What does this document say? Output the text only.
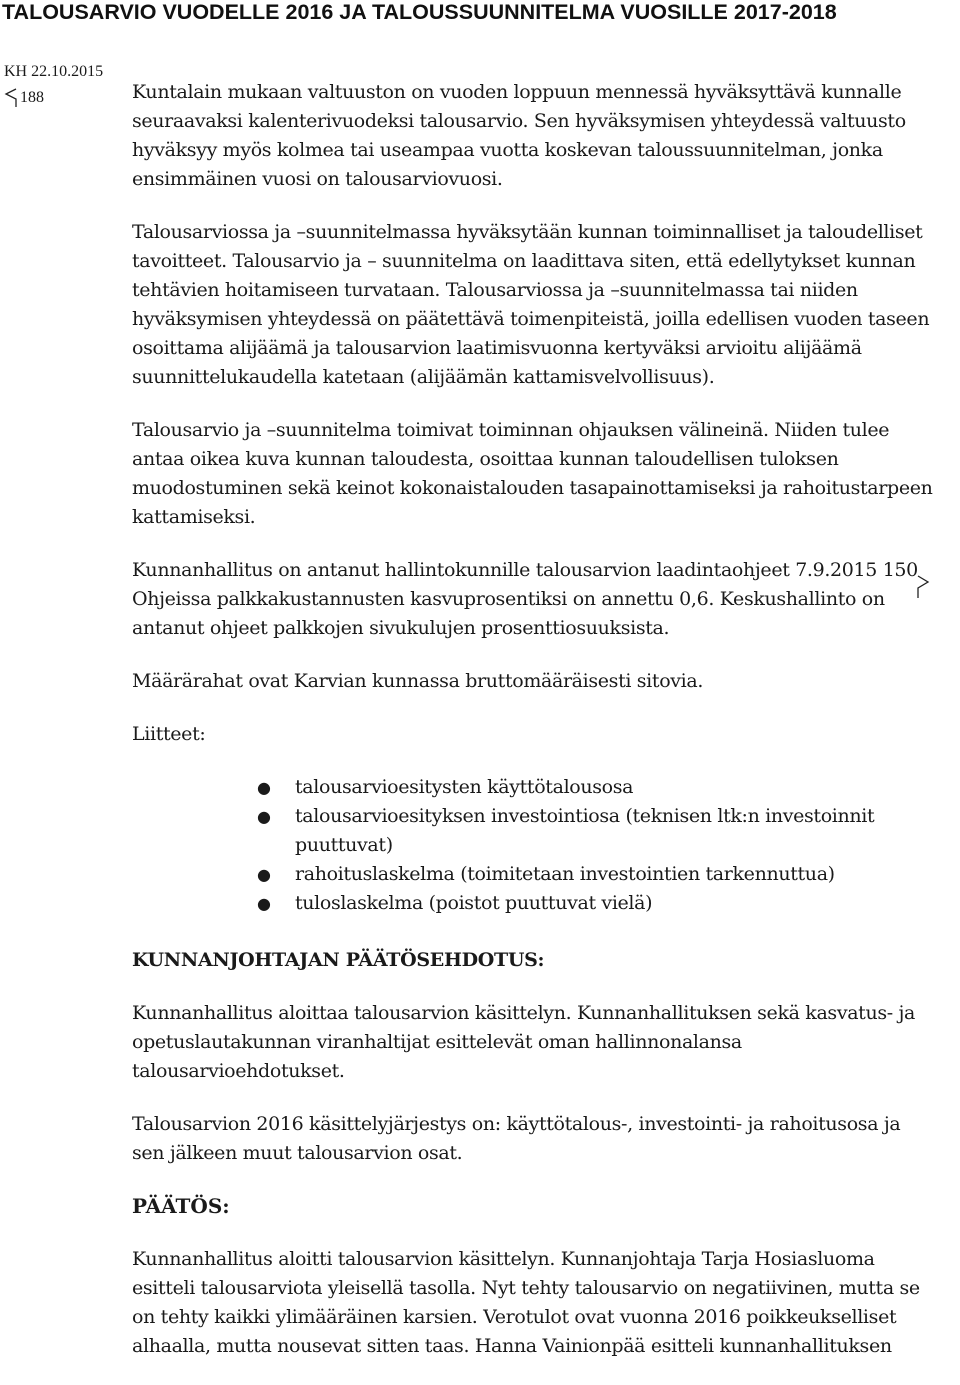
TALOUSARVIO VUODELLE 2016 JA TALOUSSUUNNITELMA VUOSILLE 2017-2018
KH 22.10.2015
188	Kuntalain mukaan valtuuston on vuoden loppuun mennessä hyväksyttävä kunnalle seuraavaksi kalenterivuodeksi talousarvio. Sen hyväksymisen yhteydessä valtuusto hyväksyy myös kolmea tai useampaa vuotta koskevan taloussuunnitelman, jonka ensimmäinen vuosi on talousarviovuosi.

Talousarviossa ja –suunnitelmassa hyväksytään kunnan toiminnalliset ja taloudelliset tavoitteet. Talousarvio ja – suunnitelma on laadittava siten, että edellytykset kunnan tehtävien hoitamiseen turvataan. Talousarviossa ja –suunnitelmassa tai niiden hyväksymisen yhteydessä on päätettävä toimenpiteistä, joilla edellisen vuoden taseen osoittama alijäämä ja talousarvion laatimisvuonna kertyväksi arvioitu alijäämä suunnittelukaudella katetaan (alijäämän kattamisvelvollisuus).

Talousarvio ja –suunnitelma toimivat toiminnan ohjauksen välineinä. Niiden tulee antaa oikea kuva kunnan taloudesta, osoittaa kunnan taloudellisen tuloksen muodostuminen sekä keinot kokonaistalouden tasapainottamiseksi ja rahoitustarpeen kattamiseksi.

Kunnanhallitus on antanut hallintokunnille talousarvion laadintaohjeet 7.9.2015 150 Ohjeissa palkkakustannusten kasvuprosentiksi on annettu 0,6. Keskushallinto on antanut ohjeet palkkojen sivukulujen prosenttiosuuksista.

Määrärahat ovat Karvian kunnassa bruttomääräisesti sitovia.

Liitteet:

● talousarvioesitysten käyttötalousosa
● talousarvioesityksen investointiosa (teknisen ltk:n investoinnit puuttuvat)
● rahoituslaskelma (toimitetaan investointien tarkennuttua)
● tuloslaskelma (poistot puuttuvat vielä)

KUNNANJOHTAJAN PÄÄTÖSEHDOTUS:

Kunnanhallitus aloittaa talousarvion käsittelyn. Kunnanhallituksen sekä kasvatus- ja opetuslautakunnan viranhaltijat esittelevät oman hallinnonalansa talousarvioehdotukset.

Talousarvion 2016 käsittelyjärjestys on: käyttötalous-, investointi- ja rahoitusosa ja sen jälkeen muut talousarvion osat.

PÄÄTÖS:

Kunnanhallitus aloitti talousarvion käsittelyn. Kunnanjohtaja Tarja Hosiasluoma esitteli talousarviota yleisellä tasolla. Nyt tehty talousarvio on negatiivinen, mutta se on tehty kaikki ylimääräinen karsien. Verotulot ovat vuonna 2016 poikkeukselliset alhaalla, mutta nousevat sitten taas. Hanna Vainionpää esitteli kunnanhallituksen
